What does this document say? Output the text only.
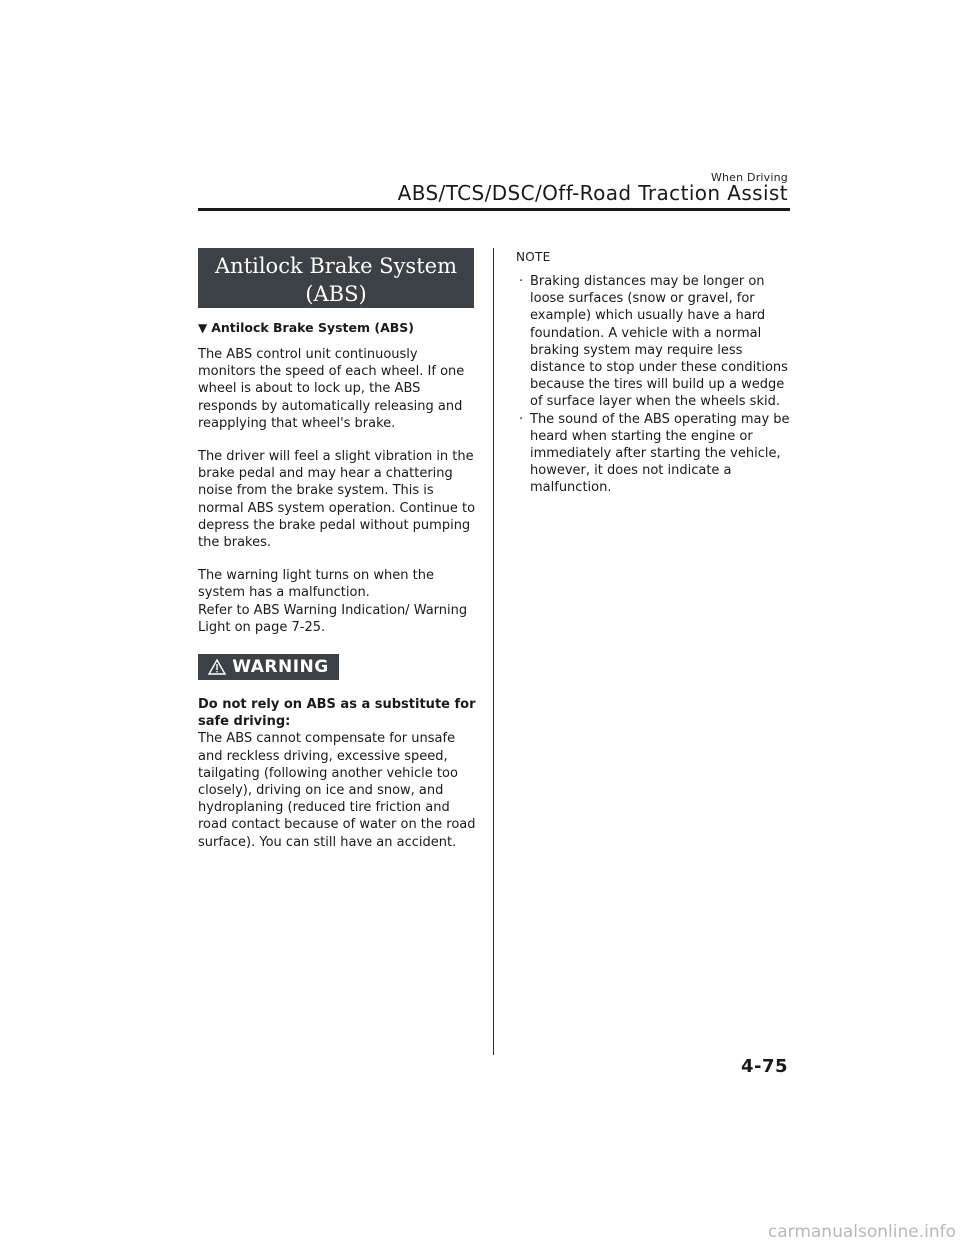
When Driving
ABS/TCS/DSC/Off-Road Traction Assist
Antilock Brake System
(ABS)
▼ Antilock Brake System (ABS)

The ABS control unit continuously monitors the speed of each wheel. If one wheel is about to lock up, the ABS responds by automatically releasing and reapplying that wheel's brake.

The driver will feel a slight vibration in the brake pedal and may hear a chattering noise from the brake system. This is normal ABS system operation. Continue to depress the brake pedal without pumping the brakes.

The warning light turns on when the system has a malfunction.

Refer to ABS Warning Indication/ Warning Light on page 7-25.

WARNING
Do not rely on ABS as a substitute for safe driving:
The ABS cannot compensate for unsafe and reckless driving, excessive speed, tailgating (following another vehicle too closely), driving on ice and snow, and hydroplaning (reduced tire friction and road contact because of water on the road surface). You can still have an accident.
NOTE
· Braking distances may be longer on loose surfaces (snow or gravel, for example) which usually have a hard foundation. A vehicle with a normal braking system may require less distance to stop under these conditions because the tires will build up a wedge of surface layer when the wheels skid.
· The sound of the ABS operating may be heard when starting the engine or immediately after starting the vehicle, however, it does not indicate a malfunction.
4-75
carmanualsonline.info
